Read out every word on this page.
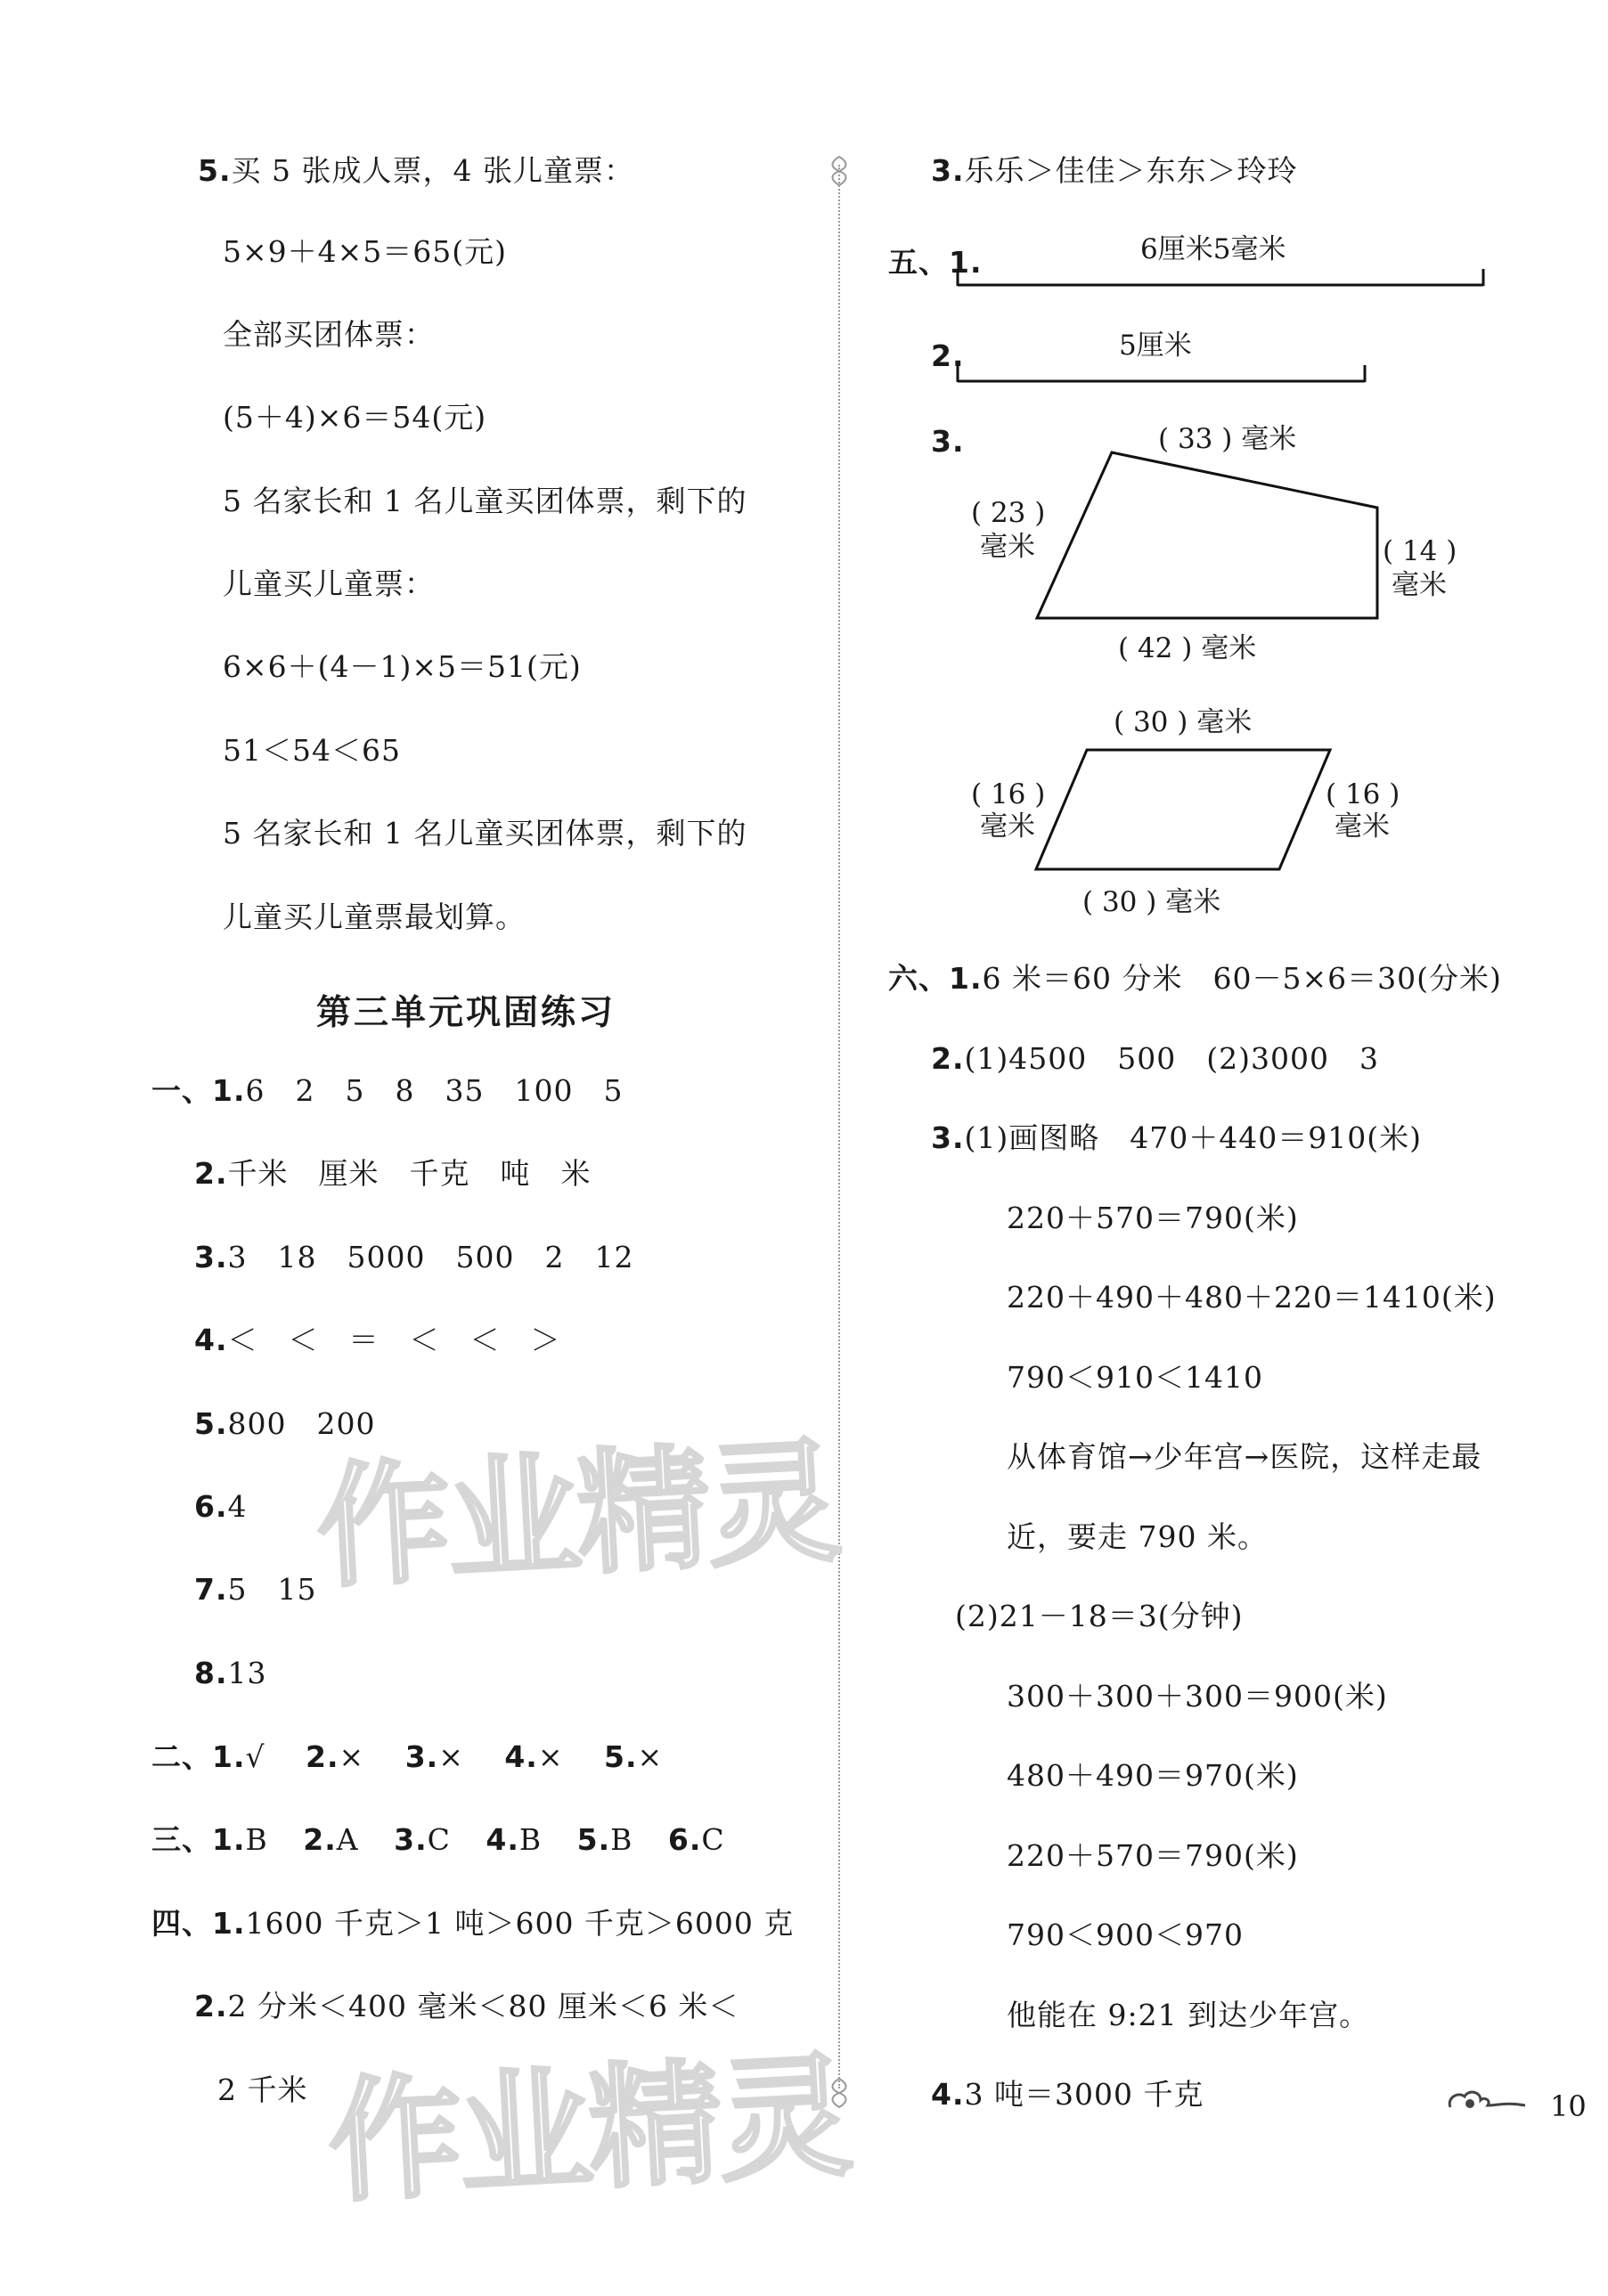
作业精灵
作业精灵
5.买 5 张成人票，4 张儿童票：
5×9＋4×5＝65(元)
全部买团体票：
(5＋4)×6＝54(元)
5 名家长和 1 名儿童买团体票，剩下的
儿童买儿童票：
6×6＋(4－1)×5＝51(元)
51＜54＜65
5 名家长和 1 名儿童买团体票，剩下的
儿童买儿童票最划算。
第三单元巩固练习
一、1.6　2　5　8　35　100　5
2.千米　厘米　千克　吨　米
3.3　18　5000　500　2　12
4.＜　＜　＝　＜　＜　＞
5.800　200
6.4
7.5　15
8.13
二、1.√ 2.× 3.× 4.× 5.×
三、1.B 2.A 3.C 4.B 5.B 6.C
四、1.1600 千克＞1 吨＞600 千克＞6000 克
2.2 分米＜400 毫米＜80 厘米＜6 米＜
2 千米
3.乐乐＞佳佳＞东东＞玲玲
五、1.	6厘米5毫米
2.	5厘米
3.	( 33 ) 毫米
( 23 )
毫米	( 14 )
毫米
( 42 ) 毫米
( 30 ) 毫米
( 16 )
毫米
( 16 )
毫米
( 30 ) 毫米
六、1.6 米＝60 分米　60－5×6＝30(分米)
2.(1)4500　500　(2)3000　3
3.(1)画图略　470＋440＝910(米)
220＋570＝790(米)
220＋490＋480＋220＝1410(米)
790＜910＜1410
从体育馆→少年宫→医院，这样走最
近，要走 790 米。
(2)21－18＝3(分钟)
300＋300＋300＝900(米)
480＋490＝970(米)
220＋570＝790(米)
790＜900＜970
他能在 9:21 到达少年宫。
4.3 吨＝3000 千克	10
